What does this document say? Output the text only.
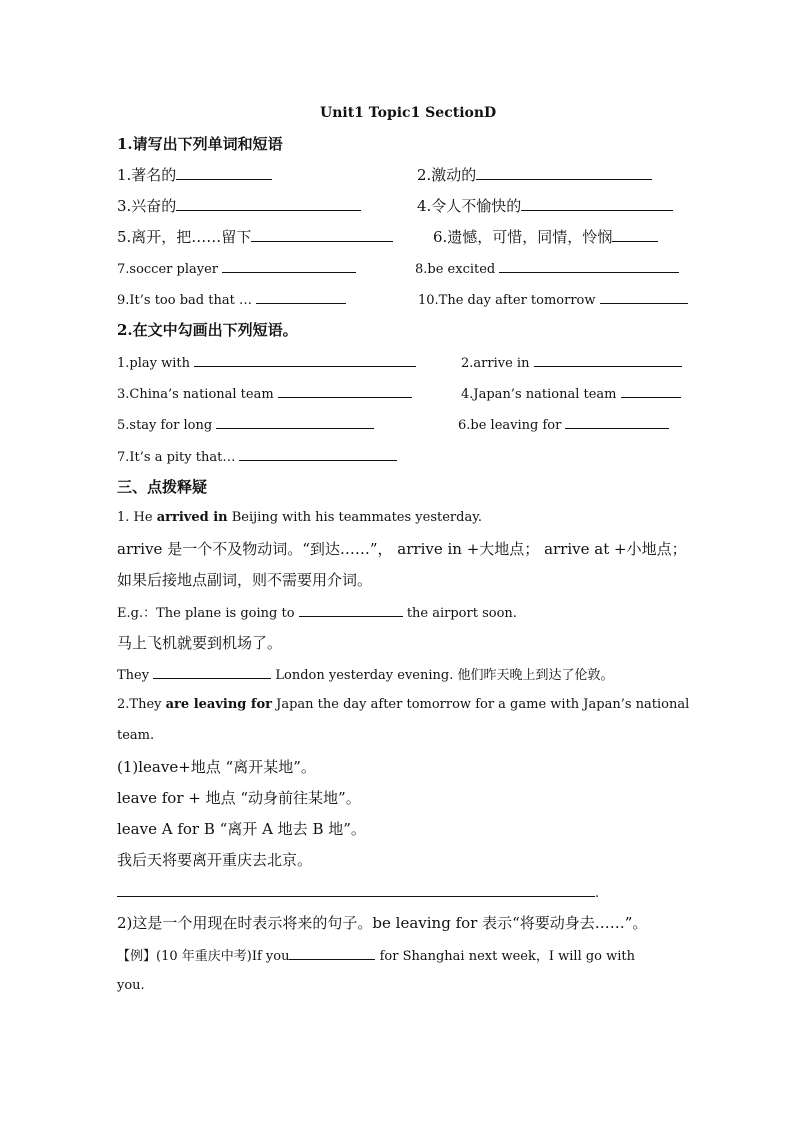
Unit1 Topic1 SectionD
1.请写出下列单词和短语
1.著名的	2.激动的
3.兴奋的	4.令人不愉快的
5.离开，把……留下	6.遗憾，可惜，同情，怜悯
7.soccer player	8.be excited
9.It’s too bad that …	10.The day after tomorrow
2.在文中勾画出下列短语。
1.play with	2.arrive in
3.China’s national team	4.Japan’s national team
5.stay for long	6.be leaving for
7.It’s a pity that…
三、点拨释疑
1. He arrived in Beijing with his teammates yesterday.
arrive 是一个不及物动词。“到达……”， arrive in +大地点； arrive at +小地点；
如果后接地点副词，则不需要用介词。
E.g.：The plane is going to	the airport soon.
马上飞机就要到机场了。
They	London yesterday evening. 他们昨天晚上到达了伦敦。
2.They are leaving for Japan the day after tomorrow for a game with Japan’s national
team.
(1)leave+地点 “离开某地”。
leave for + 地点 “动身前往某地”。
leave A for B “离开 A 地去 B 地”。
我后天将要离开重庆去北京。
.
2)这是一个用现在时表示将来的句子。be leaving for 表示“将要动身去……”。
【例】(10 年重庆中考)If you	for Shanghai next week，I will go with
you.
